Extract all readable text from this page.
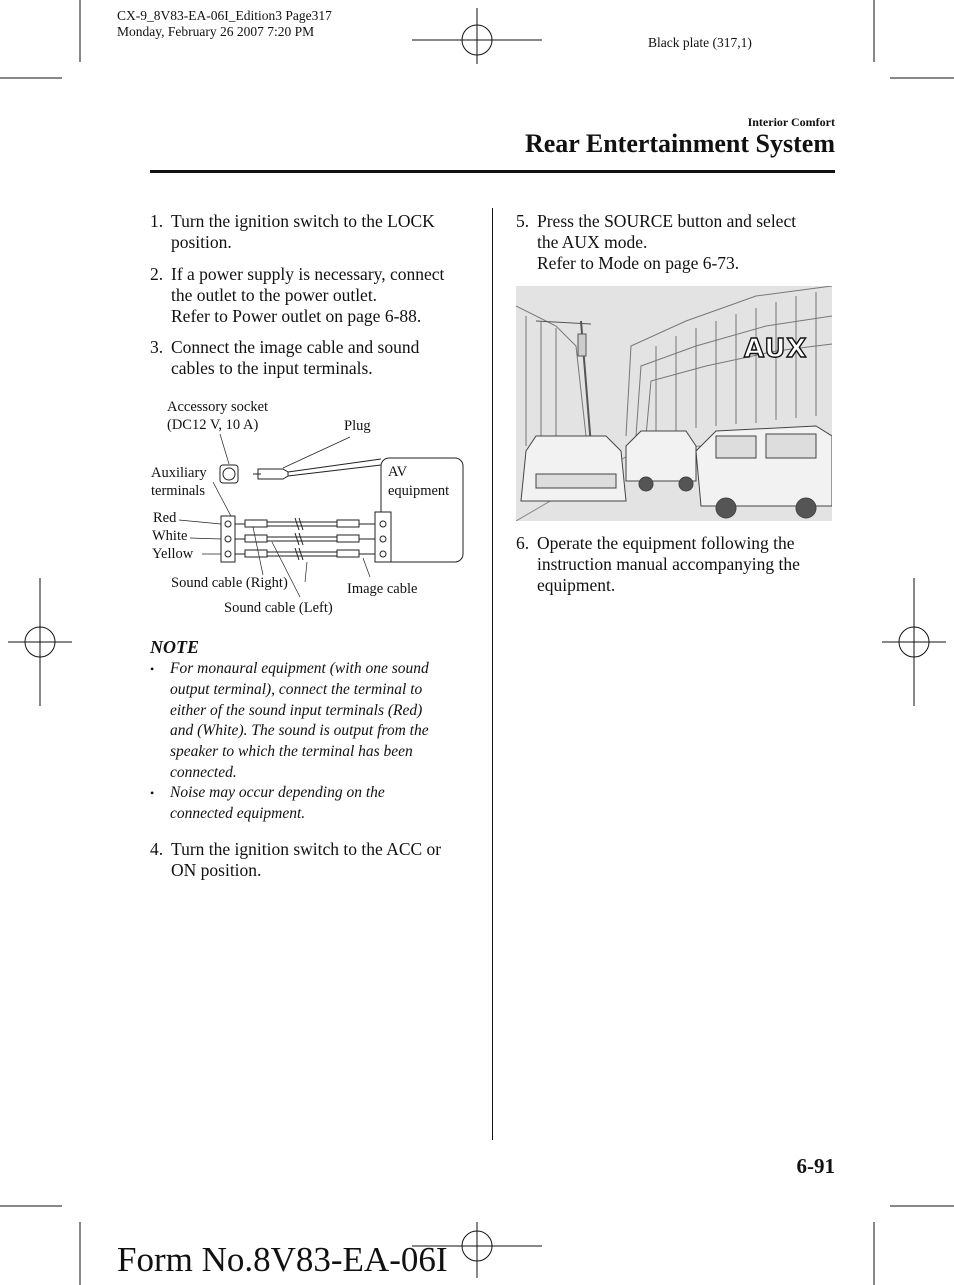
CX-9_8V83-EA-06I_Edition3 Page317
Monday, February 26 2007 7:20 PM
Black plate (317,1)
Interior Comfort
Rear Entertainment System
1. Turn the ignition switch to the LOCK
position.
2. If a power supply is necessary, connect
the outlet to the power outlet.
Refer to Power outlet on page 6-88.
3. Connect the image cable and sound
cables to the input terminals.
Accessory socket
(DC12 V, 10 A)	Plug
Auxiliary
terminals
AV
equipment
Red
White
Yellow
Sound cable (Right)	Image cable
Sound cable (Left)
NOTE
• For monaural equipment (with one sound
output terminal), connect the terminal to
either of the sound input terminals (Red)
and (White). The sound is output from the
speaker to which the terminal has been
connected.
• Noise may occur depending on the
connected equipment.
4. Turn the ignition switch to the ACC or
ON position.
5. Press the SOURCE button and select
the AUX mode.
Refer to Mode on page 6-73.
AUX
6. Operate the equipment following the
instruction manual accompanying the
equipment.
6-91
Form No.8V83-EA-06I
